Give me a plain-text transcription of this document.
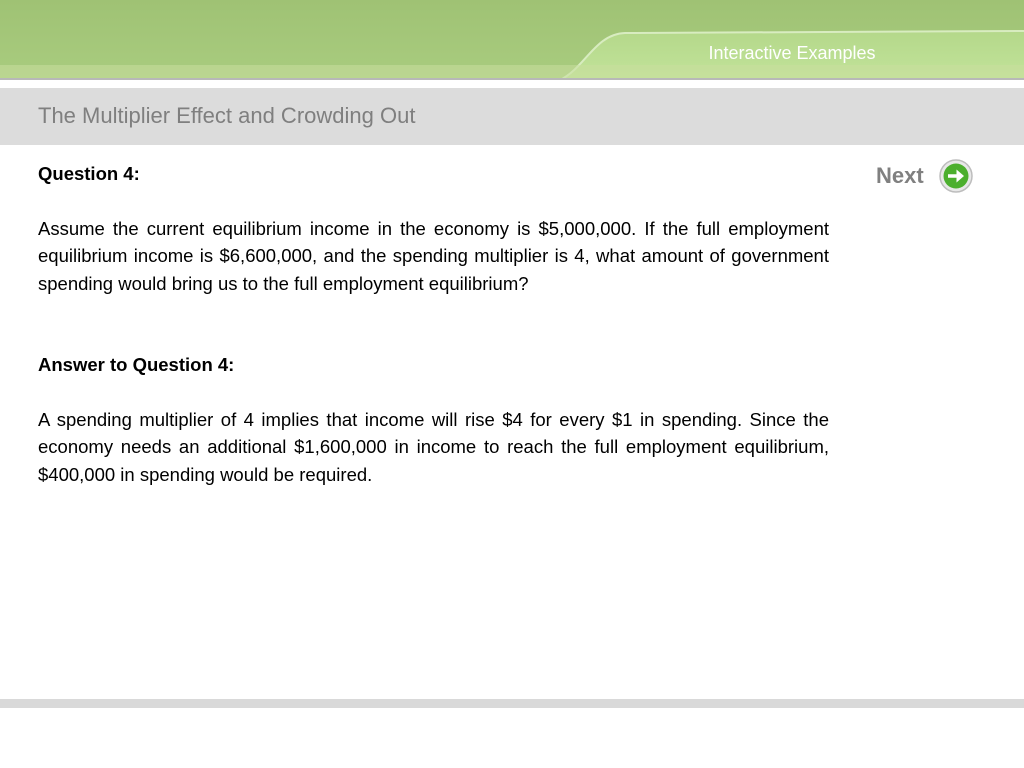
Interactive Examples
The Multiplier Effect and Crowding Out
Next

Question 4:

Assume the current equilibrium income in the economy is $5,000,000. If the full employment equilibrium income is $6,600,000, and the spending multiplier is 4, what amount of government spending would bring us to the full employment equilibrium?

Answer to Question 4:

A spending multiplier of 4 implies that income will rise $4 for every $1 in spending. Since the economy needs an additional $1,600,000 in income to reach the full employment equilibrium, $400,000 in spending would be required.
